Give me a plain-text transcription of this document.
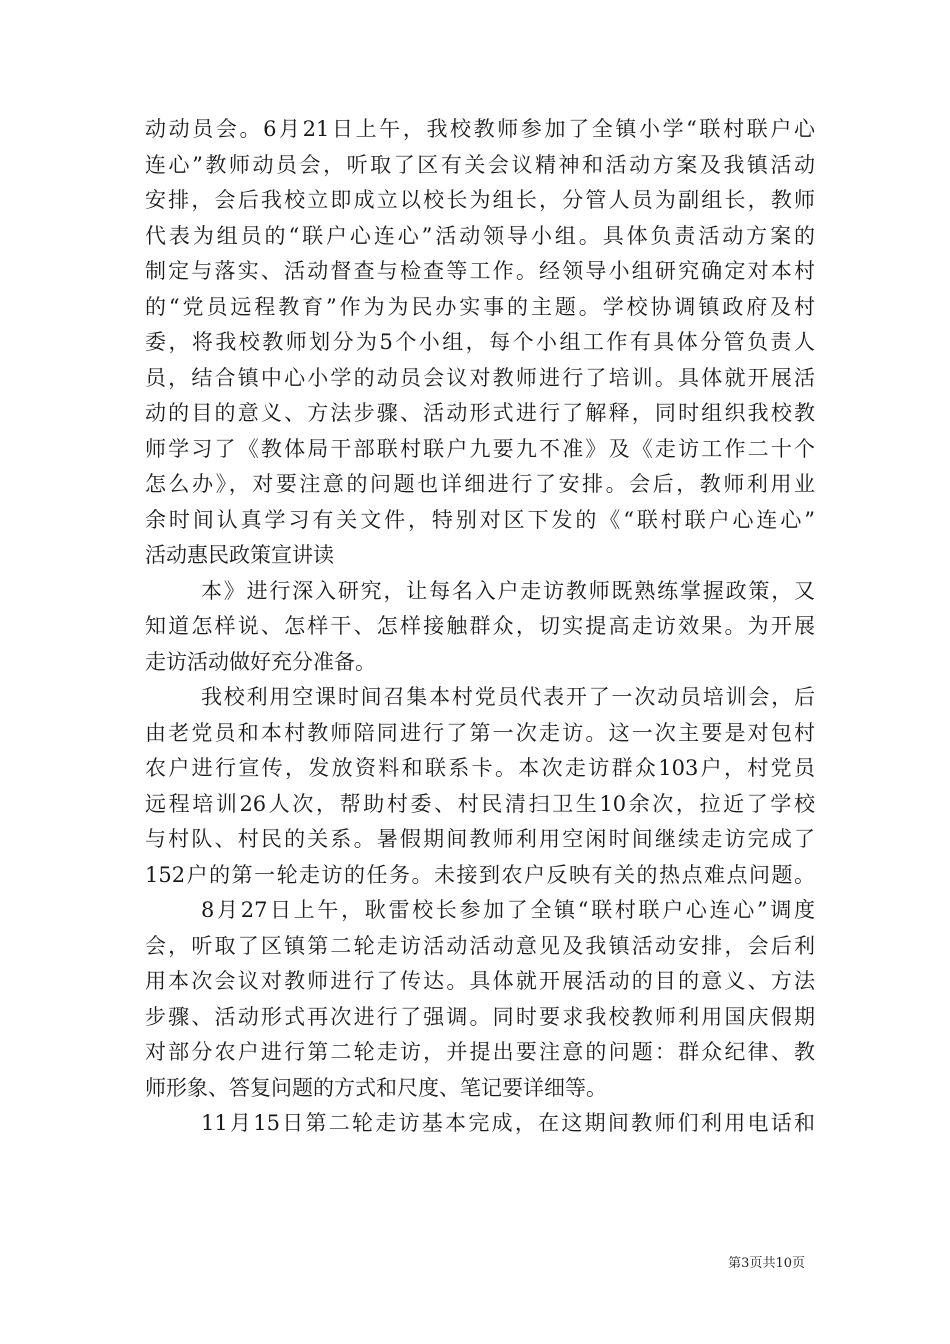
动动员会。6月21日上午，我校教师参加了全镇小学“联村联户心
连心”教师动员会，听取了区有关会议精神和活动方案及我镇活动
安排，会后我校立即成立以校长为组长，分管人员为副组长，教师
代表为组员的“联户心连心”活动领导小组。具体负责活动方案的
制定与落实、活动督查与检查等工作。经领导小组研究确定对本村
的“党员远程教育”作为为民办实事的主题。学校协调镇政府及村
委，将我校教师划分为5个小组，每个小组工作有具体分管负责人
员，结合镇中心小学的动员会议对教师进行了培训。具体就开展活
动的目的意义、方法步骤、活动形式进行了解释，同时组织我校教
师学习了《教体局干部联村联户九要九不准》及《走访工作二十个
怎么办》，对要注意的问题也详细进行了安排。会后，教师利用业
余时间认真学习有关文件，特别对区下发的《“联村联户心连心”
活动惠民政策宣讲读
本》进行深入研究，让每名入户走访教师既熟练掌握政策，又
知道怎样说、怎样干、怎样接触群众，切实提高走访效果。为开展
走访活动做好充分准备。
我校利用空课时间召集本村党员代表开了一次动员培训会，后
由老党员和本村教师陪同进行了第一次走访。这一次主要是对包村
农户进行宣传，发放资料和联系卡。本次走访群众103户，村党员
远程培训26人次，帮助村委、村民清扫卫生10余次，拉近了学校
与村队、村民的关系。暑假期间教师利用空闲时间继续走访完成了
152户的第一轮走访的任务。未接到农户反映有关的热点难点问题。
8月27日上午，耿雷校长参加了全镇“联村联户心连心”调度
会，听取了区镇第二轮走访活动活动意见及我镇活动安排，会后利
用本次会议对教师进行了传达。具体就开展活动的目的意义、方法
步骤、活动形式再次进行了强调。同时要求我校教师利用国庆假期
对部分农户进行第二轮走访，并提出要注意的问题：群众纪律、教
师形象、答复问题的方式和尺度、笔记要详细等。
11月15日第二轮走访基本完成，在这期间教师们利用电话和
第3页共10页
